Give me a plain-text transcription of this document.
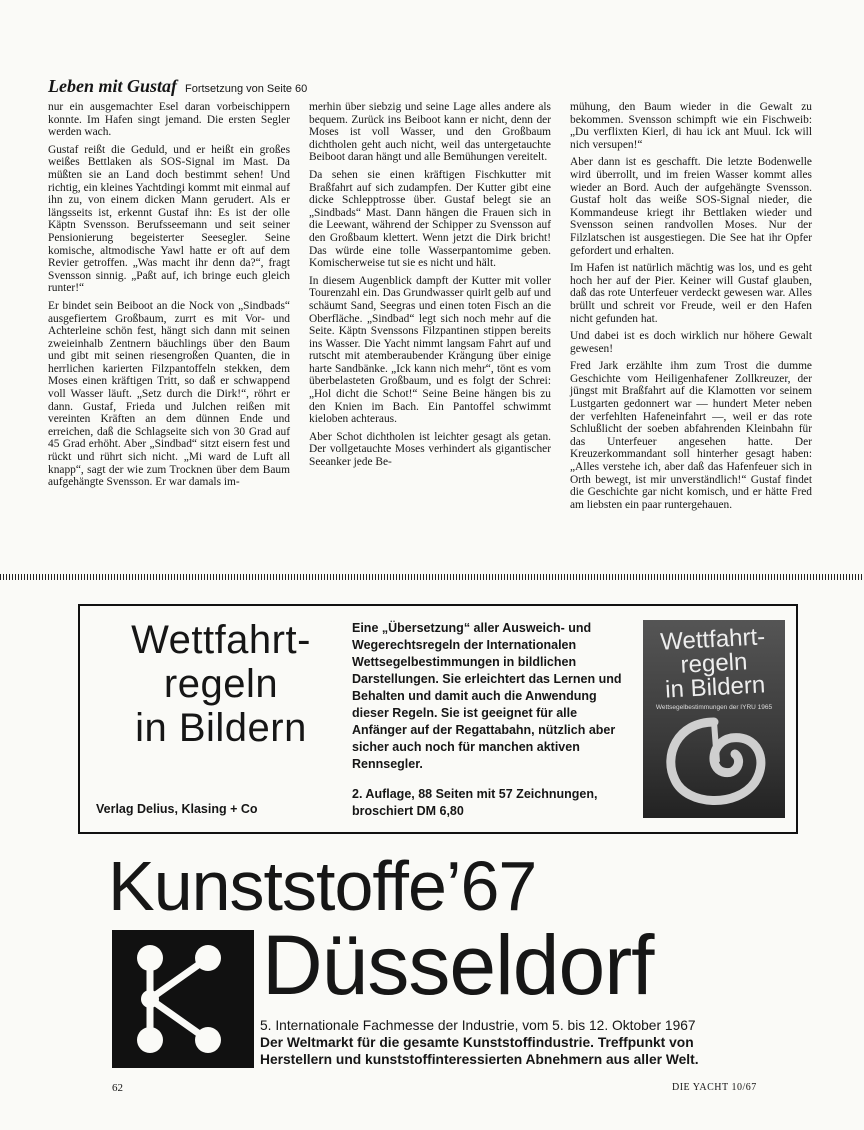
Leben mit Gustaf Fortsetzung von Seite 60

nur ein ausgemachter Esel daran vorbeischippern konnte. Im Hafen singt jemand. Die ersten Segler werden wach.

Gustaf reißt die Geduld, und er heißt ein großes weißes Bettlaken als SOS-Signal im Mast. Da müßten sie an Land doch bestimmt sehen! Und richtig, ein kleines Yachtdingi kommt mit einmal auf ihn zu, von einem dicken Mann gerudert. Als er längsseits ist, erkennt Gustaf ihn: Es ist der olle Käptn Svensson. Berufsseemann und seit seiner Pensionierung begeisterter Seesegler. Seine komische, altmodische Yawl hatte er oft auf dem Revier getroffen. „Was macht ihr denn da?“, fragt Svensson sinnig. „Paßt auf, ich bringe euch gleich runter!“

Er bindet sein Beiboot an die Nock von „Sindbads“ ausgefiertem Großbaum, zurrt es mit Vor- und Achterleine schön fest, hängt sich dann mit seinen zweieinhalb Zentnern bäuchlings über den Baum und gibt mit seinen riesengroßen Quanten, die in herrlichen karierten Filzpantoffeln stekken, dem Moses einen kräftigen Tritt, so daß er schwappend voll Wasser läuft. „Setz durch die Dirk!“, röhrt er dann. Gustaf, Frieda und Julchen reißen mit vereinten Kräften an dem dünnen Ende und erreichen, daß die Schlagseite sich von 30 Grad auf 45 Grad erhöht. Aber „Sindbad“ sitzt eisern fest und rückt und rührt sich nicht. „Mi ward de Luft all knapp“, sagt der wie zum Trocknen über dem Baum aufgehängte Svensson. Er war damals im-

merhin über siebzig und seine Lage alles andere als bequem. Zurück ins Beiboot kann er nicht, denn der Moses ist voll Wasser, und den Großbaum dichtholen geht auch nicht, weil das untergetauchte Beiboot daran hängt und alle Bemühungen vereitelt.

Da sehen sie einen kräftigen Fischkutter mit Braßfahrt auf sich zudampfen. Der Kutter gibt eine dicke Schlepptrosse über. Gustaf belegt sie an „Sindbads“ Mast. Dann hängen die Frauen sich in die Leewant, während der Schipper zu Svensson auf den Großbaum klettert. Wenn jetzt die Dirk bricht! Das würde eine tolle Wasserpantomime geben. Komischerweise tut sie es nicht und hält.

In diesem Augenblick dampft der Kutter mit voller Tourenzahl ein. Das Grundwasser quirlt gelb auf und schäumt Sand, Seegras und einen toten Fisch an die Oberfläche. „Sindbad“ legt sich noch mehr auf die Seite. Käptn Svenssons Filzpantinen stippen bereits ins Wasser. Die Yacht nimmt langsam Fahrt auf und rutscht mit atemberaubender Krängung über einige harte Sandbänke. „Ick kann nich mehr“, tönt es vom überbelasteten Großbaum, und es folgt der Schrei: „Hol dicht die Schot!“ Seine Beine hängen bis zu den Knien im Bach. Ein Pantoffel schwimmt kieloben achteraus.

Aber Schot dichtholen ist leichter gesagt als getan. Der vollgetauchte Moses verhindert als gigantischer Seeanker jede Be-

mühung, den Baum wieder in die Gewalt zu bekommen. Svensson schimpft wie ein Fischweib: „Du verflixten Kierl, di hau ick ant Muul. Ick will nich versupen!“

Aber dann ist es geschafft. Die letzte Bodenwelle wird überrollt, und im freien Wasser kommt alles wieder an Bord. Auch der aufgehängte Svensson. Gustaf holt das weiße SOS-Signal nieder, die Kommandeuse kriegt ihr Bettlaken wieder und Svensson seinen randvollen Moses. Nur der Filzlatschen ist ausgestiegen. Die See hat ihr Opfer gefordert und erhalten.

Im Hafen ist natürlich mächtig was los, und es geht hoch her auf der Pier. Keiner will Gustaf glauben, daß das rote Unterfeuer verdeckt gewesen war. Alles brüllt und schreit vor Freude, weil er den Hafen nicht gefunden hat.

Und dabei ist es doch wirklich nur höhere Gewalt gewesen!

Fred Jark erzählte ihm zum Trost die dumme Geschichte vom Heiligenhafener Zollkreuzer, der jüngst mit Braßfahrt auf die Klamotten vor seinem Lustgarten gedonnert war — hundert Meter neben der verfehlten Hafeneinfahrt —, weil er das rote Schlußlicht der soeben abfahrenden Kleinbahn für das Unterfeuer angesehen hatte. Der Kreuzerkommandant soll hinterher gesagt haben: „Alles verstehe ich, aber daß das Hafenfeuer sich in Orth bewegt, ist mir unverständlich!“ Gustaf findet die Geschichte gar nicht komisch, und er hätte Fred am liebsten ein paar runtergehauen.

Wettfahrt-
regeln
in Bildern
Verlag Delius, Klasing + Co
Eine „Übersetzung“ aller Ausweich- und Wegerechtsregeln der Internationalen Wettsegelbestimmungen in bildlichen Darstellungen. Sie erleichtert das Lernen und Behalten und damit auch die Anwendung dieser Regeln. Sie ist geeignet für alle Anfänger auf der Regattabahn, nützlich aber sicher auch noch für manchen aktiven Rennsegler.
2. Auflage, 88 Seiten mit 57 Zeichnungen, broschiert DM 6,80
Wettfahrt-
regeln
in Bildern
Wettsegelbestimmungen der IYRU 1965
Kunststoffe’67
Düsseldorf
5. Internationale Fachmesse der Industrie, vom 5. bis 12. Oktober 1967
Der Weltmarkt für die gesamte Kunststoffindustrie. Treffpunkt von
Herstellern und kunststoffinteressierten Abnehmern aus aller Welt.
62	DIE YACHT 10/67
